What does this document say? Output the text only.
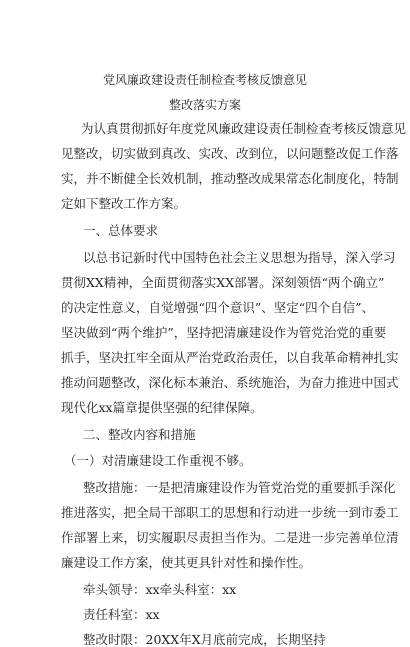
党风廉政建设责任制检查考核反馈意见
整改落实方案
为认真贯彻抓好年度党风廉政建设责任制检查考核反馈意见
见整改，切实做到真改、实改、改到位，以问题整改促工作落
实，并不断健全长效机制，推动整改成果常态化制度化，特制
定如下整改工作方案。
一、总体要求
以总书记新时代中国特色社会主义思想为指导，深入学习
贯彻XX精神，全面贯彻落实XX部署。深刻领悟“两个确立”
的决定性意义，自觉增强“四个意识”、坚定“四个自信”、
坚决做到“两个维护”，坚持把清廉建设作为管党治党的重要
抓手，坚决扛牢全面从严治党政治责任，以自我革命精神扎实
推动问题整改，深化标本兼治、系统施治，为奋力推进中国式
现代化xx篇章提供坚强的纪律保障。
二、整改内容和措施
（一）对清廉建设工作重视不够。
整改措施：一是把清廉建设作为管党治党的重要抓手深化
推进落实，把全局干部职工的思想和行动进一步统一到市委工
作部署上来，切实履职尽责担当作为。二是进一步完善单位清
廉建设工作方案，使其更具针对性和操作性。
牵头领导：xx牵头科室：xx
责任科室：xx
整改时限：20XX年X月底前完成，长期坚持
